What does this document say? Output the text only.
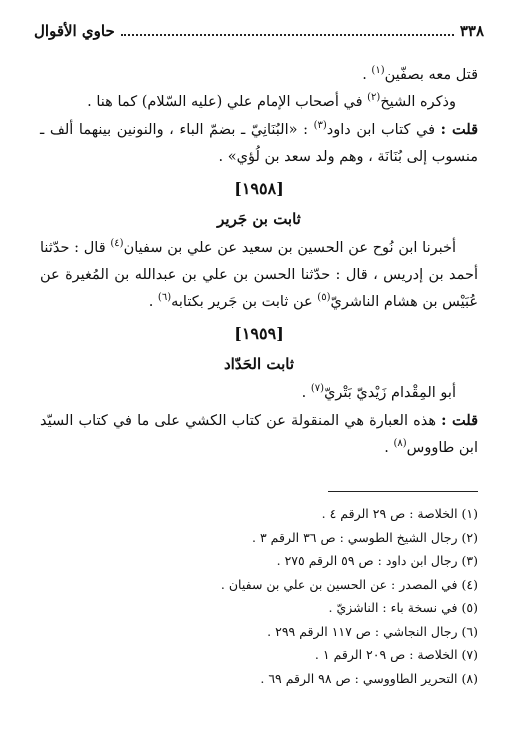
٣٣٨
حاوي الأقوال

قتل معه بصفّين$^{(١)}$ .

وذكره الشيخ$^{(٢)}$ في أصحاب الإمام علي (عليه السّلام) كما هنا .

قلت : في كتاب ابن داود$^{(٣)}$ : «البُنَانِيّ ـ بضمّ الباء ، والنونين بينهما ألف ـ منسوب إلى بُنَانَة ، وهم ولد سعد بن لُؤي» .

[١٩٥٨]
ثابت بن جَرير

أخبرنا ابن نُوح عن الحسين بن سعيد عن علي بن سفيان$^{(٤)}$ قال : حدّثنا أحمد بن إدريس ، قال : حدّثنا الحسن بن علي بن عبدالله بن المُغيرة عن عُبَيْس بن هشام الناشريّ$^{(٥)}$ عن ثابت بن جَرير بكتابه$^{(٦)}$ .

[١٩٥٩]
ثابت الحَدّاد

أبو المِقْدام زَيْديّ بَتْريّ$^{(٧)}$ .

قلت : هذه العبارة هي المنقولة عن كتاب الكشي على ما في كتاب السيّد ابن طاووس$^{(٨)}$ .

(١) الخلاصة : ص ٢٩ الرقم ٤ .
(٢) رجال الشيخ الطوسي : ص ٣٦ الرقم ٣ .
(٣) رجال ابن داود : ص ٥٩ الرقم ٢٧٥ .
(٤) في المصدر : عن الحسين بن علي بن سفيان .
(٥) في نسخة باء : الناشزيّ .
(٦) رجال النجاشي : ص ١١٧ الرقم ٢٩٩ .
(٧) الخلاصة : ص ٢٠٩ الرقم ١ .
(٨) التحرير الطاووسي : ص ٩٨ الرقم ٦٩ .
